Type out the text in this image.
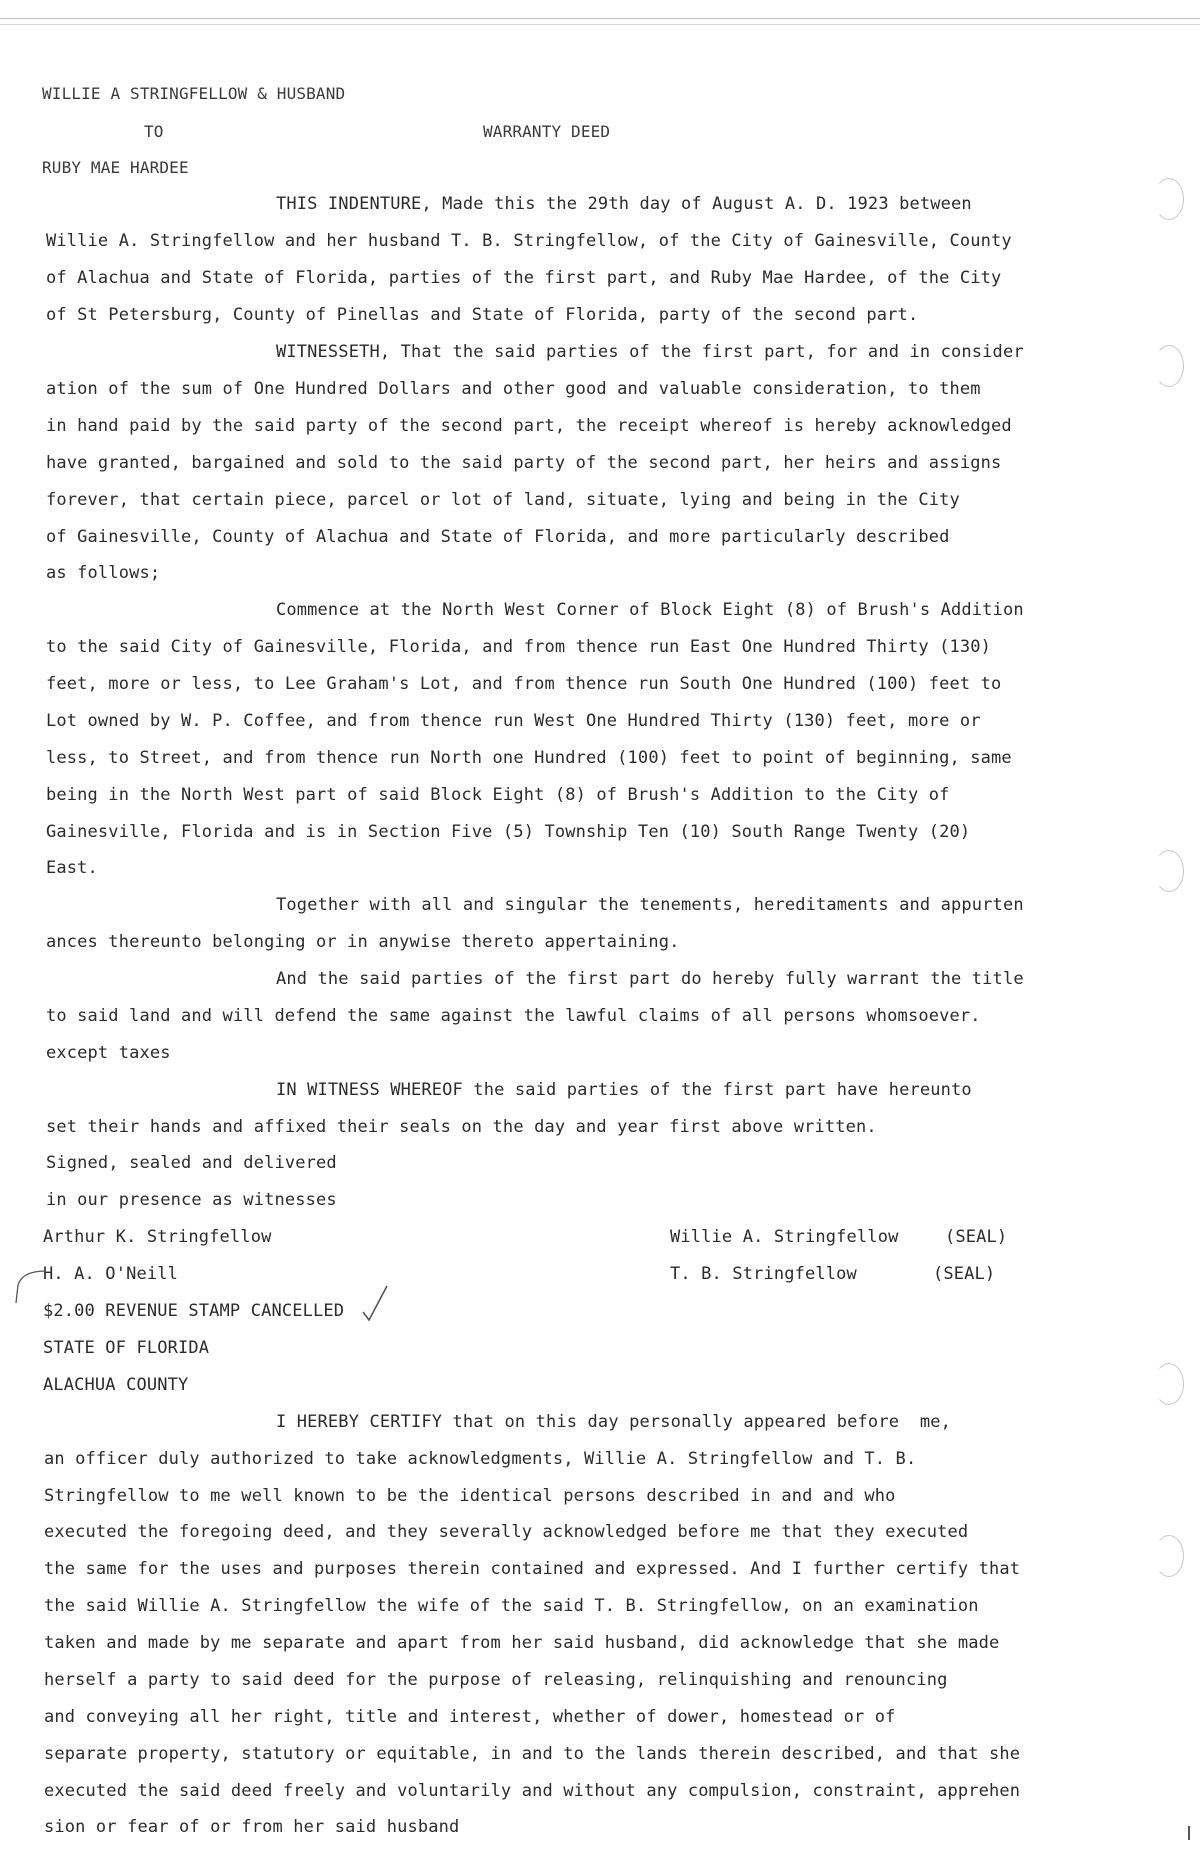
WILLIE A STRINGFELLOW & HUSBAND
TO	WARRANTY DEED
RUBY MAE HARDEE
THIS INDENTURE, Made this the 29th day of August A. D. 1923 between
Willie A. Stringfellow and her husband T. B. Stringfellow, of the City of Gainesville, County
of Alachua and State of Florida, parties of the first part, and Ruby Mae Hardee, of the City
of St Petersburg, County of Pinellas and State of Florida, party of the second part.
WITNESSETH, That the said parties of the first part, for and in consider
ation of the sum of One Hundred Dollars and other good and valuable consideration, to them
in hand paid by the said party of the second part, the receipt whereof is hereby acknowledged
have granted, bargained and sold to the said party of the second part, her heirs and assigns
forever, that certain piece, parcel or lot of land, situate, lying and being in the City
of Gainesville, County of Alachua and State of Florida, and more particularly described
as follows;
Commence at the North West Corner of Block Eight (8) of Brush's Addition
to the said City of Gainesville, Florida, and from thence run East One Hundred Thirty (130)
feet, more or less, to Lee Graham's Lot, and from thence run South One Hundred (100) feet to
Lot owned by W. P. Coffee, and from thence run West One Hundred Thirty (130) feet, more or
less, to Street, and from thence run North one Hundred (100) feet to point of beginning, same
being in the North West part of said Block Eight (8) of Brush's Addition to the City of
Gainesville, Florida and is in Section Five (5) Township Ten (10) South Range Twenty (20)
East.
Together with all and singular the tenements, hereditaments and appurten
ances thereunto belonging or in anywise thereto appertaining.
And the said parties of the first part do hereby fully warrant the title
to said land and will defend the same against the lawful claims of all persons whomsoever.
except taxes
IN WITNESS WHEREOF the said parties of the first part have hereunto
set their hands and affixed their seals on the day and year first above written.
Signed, sealed and delivered
in our presence as witnesses
Arthur K. Stringfellow
H. A. O'Neill
Willie A. Stringfellow	(SEAL)
T. B. Stringfellow	(SEAL)
$2.00 REVENUE STAMP CANCELLED
STATE OF FLORIDA
ALACHUA COUNTY
I HEREBY CERTIFY that on this day personally appeared before  me,
an officer duly authorized to take acknowledgments, Willie A. Stringfellow and T. B.
Stringfellow to me well known to be the identical persons described in and and who
executed the foregoing deed, and they severally acknowledged before me that they executed
the same for the uses and purposes therein contained and expressed. And I further certify that
the said Willie A. Stringfellow the wife of the said T. B. Stringfellow, on an examination
taken and made by me separate and apart from her said husband, did acknowledge that she made
herself a party to said deed for the purpose of releasing, relinquishing and renouncing
and conveying all her right, title and interest, whether of dower, homestead or of
separate property, statutory or equitable, in and to the lands therein described, and that she
executed the said deed freely and voluntarily and without any compulsion, constraint, apprehen
sion or fear of or from her said husband
